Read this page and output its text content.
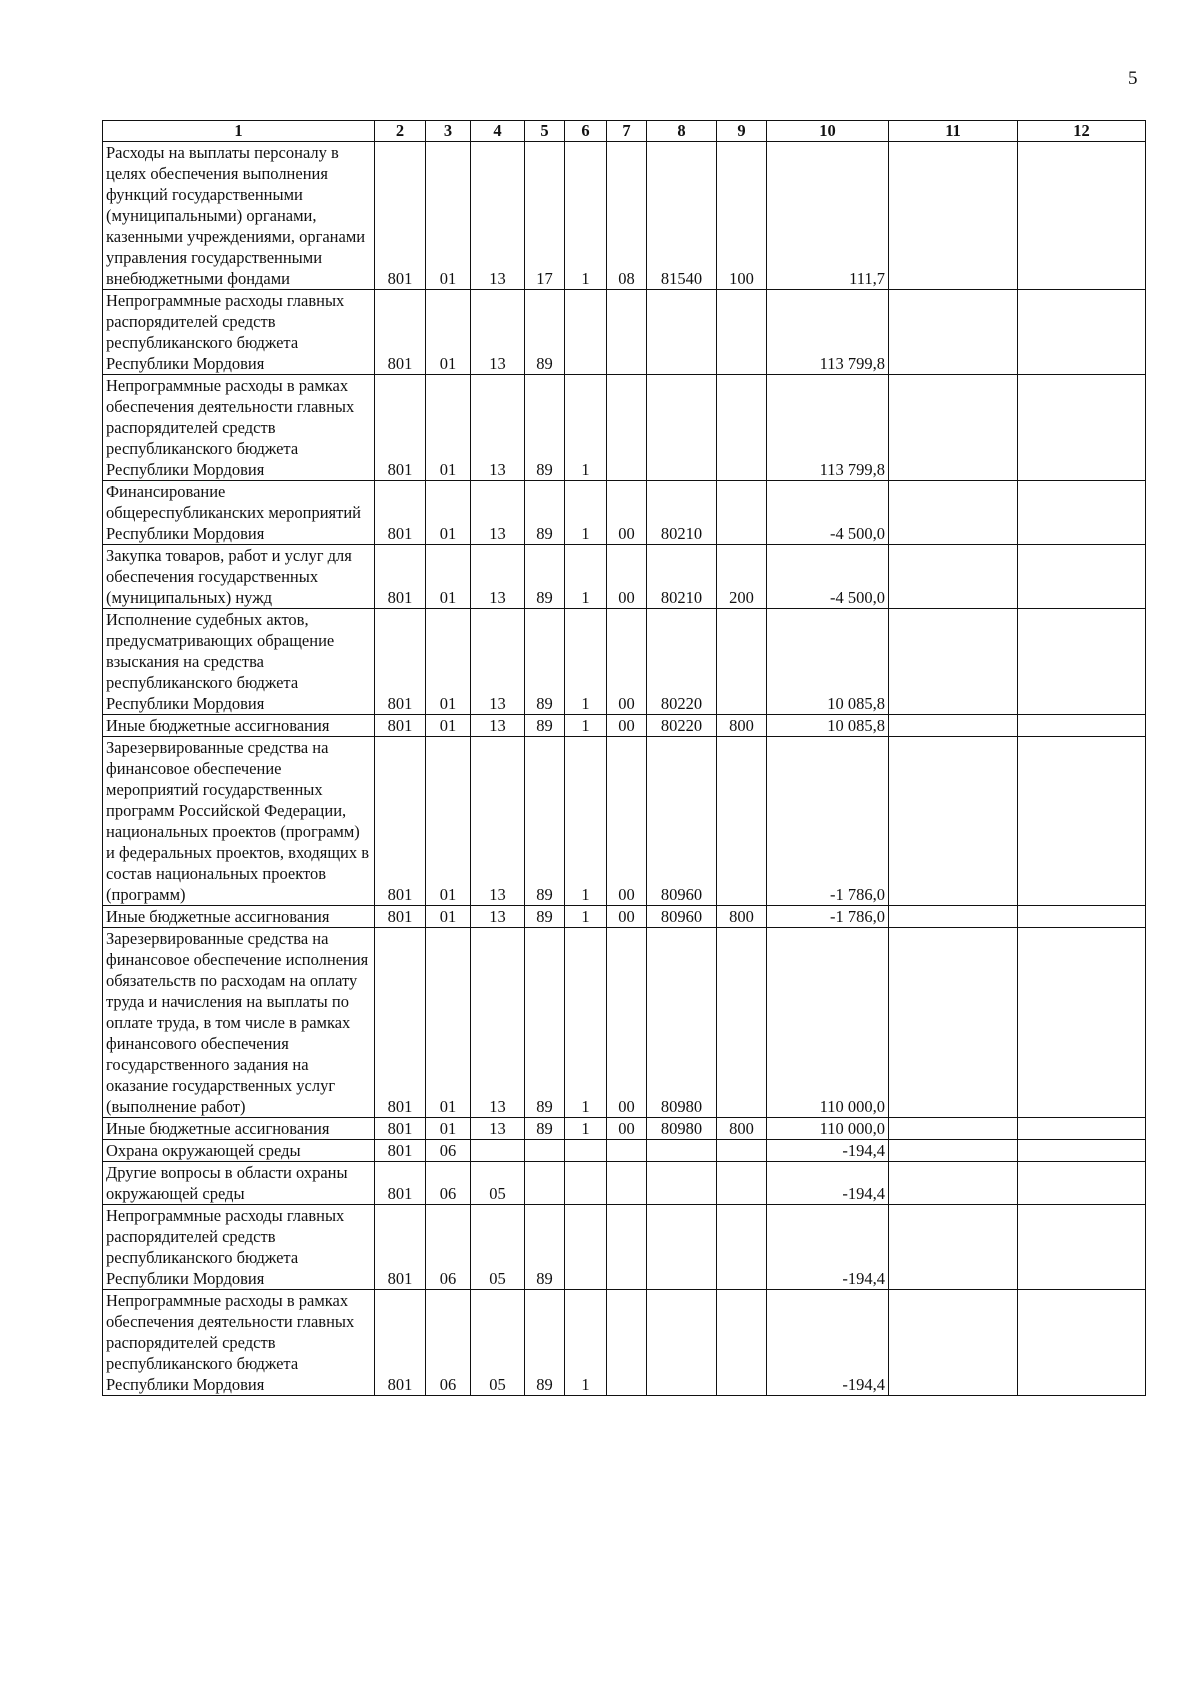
5
1	2	3	4	5	6	7	8	9	10	11	12
Расходы на выплаты персоналу в целях обеспечения выполнения функций государственными (муниципальными) органами, казенными учреждениями, органами управления государственными внебюджетными фондами	801	01	13	17	1	08	81540	100	111,7		
Непрограммные расходы главных распорядителей средств республиканского бюджета Республики Мордовия	801	01	13	89					113 799,8		
Непрограммные расходы в рамках обеспечения деятельности главных распорядителей средств республиканского бюджета Республики Мордовия	801	01	13	89	1				113 799,8		
Финансирование общереспубликанских мероприятий Республики Мордовия	801	01	13	89	1	00	80210		-4 500,0		
Закупка товаров, работ и услуг для обеспечения государственных (муниципальных) нужд	801	01	13	89	1	00	80210	200	-4 500,0		
Исполнение судебных актов, предусматривающих обращение взыскания на средства республиканского бюджета Республики Мордовия	801	01	13	89	1	00	80220		10 085,8		
Иные бюджетные ассигнования	801	01	13	89	1	00	80220	800	10 085,8		
Зарезервированные средства на финансовое обеспечение мероприятий государственных программ Российской Федерации, национальных проектов (программ) и федеральных проектов, входящих в состав национальных проектов (программ)	801	01	13	89	1	00	80960		-1 786,0		
Иные бюджетные ассигнования	801	01	13	89	1	00	80960	800	-1 786,0		
Зарезервированные средства на финансовое обеспечение исполнения обязательств по расходам на оплату труда и начисления на выплаты по оплате труда, в том числе в рамках финансового обеспечения государственного задания на оказание государственных услуг (выполнение работ)	801	01	13	89	1	00	80980		110 000,0		
Иные бюджетные ассигнования	801	01	13	89	1	00	80980	800	110 000,0		
Охрана окружающей среды	801	06							-194,4		
Другие вопросы в области охраны окружающей среды	801	06	05						-194,4		
Непрограммные расходы главных распорядителей средств республиканского бюджета Республики Мордовия	801	06	05	89					-194,4		
Непрограммные расходы в рамках обеспечения деятельности главных распорядителей средств республиканского бюджета Республики Мордовия	801	06	05	89	1				-194,4		
